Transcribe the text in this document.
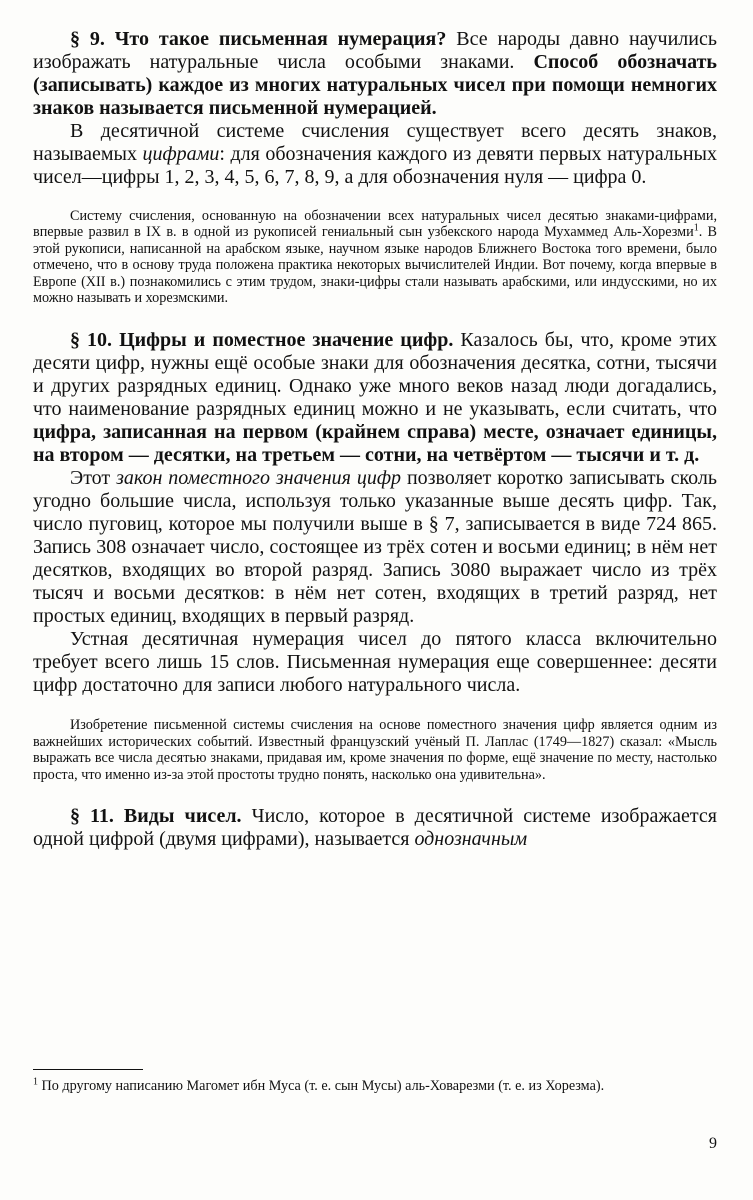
§ 9. Что такое письменная нумерация? Все народы давно научились изображать натуральные числа особыми знаками. Способ обозначать (записывать) каждое из многих натуральных чисел при помощи немногих знаков называется письменной нумерацией.

В десятичной системе счисления существует всего десять знаков, называемых цифрами: для обозначения каждого из девяти первых натуральных чисел—цифры 1, 2, 3, 4, 5, 6, 7, 8, 9, а для обозначения нуля — цифра 0.

Систему счисления, основанную на обозначении всех натуральных чисел десятью знаками-цифрами, впервые развил в IX в. в одной из рукописей гениальный сын узбекского народа Мухаммед Аль-Хорезми$^1$. В этой рукописи, написанной на арабском языке, научном языке народов Ближнего Востока того времени, было отмечено, что в основу труда положена практика некоторых вычислителей Индии. Вот почему, когда впервые в Европе (XII в.) познакомились с этим трудом, знаки-цифры стали называть арабскими, или индусскими, но их можно называть и хорезмскими.

§ 10. Цифры и поместное значение цифр. Казалось бы, что, кроме этих десяти цифр, нужны ещё особые знаки для обозначения десятка, сотни, тысячи и других разрядных единиц. Однако уже много веков назад люди догадались, что наименование разрядных единиц можно и не указывать, если считать, что цифра, записанная на первом (крайнем справа) месте, означает единицы, на втором — десятки, на третьем — сотни, на четвёртом — тысячи и т. д.

Этот закон поместного значения цифр позволяет коротко записывать сколь угодно большие числа, используя только указанные выше десять цифр. Так, число пуговиц, которое мы получили выше в § 7, записывается в виде 724 865. Запись 308 означает число, состоящее из трёх сотен и восьми единиц; в нём нет десятков, входящих во второй разряд. Запись 3080 выражает число из трёх тысяч и восьми десятков: в нём нет сотен, входящих в третий разряд, нет простых единиц, входящих в первый разряд.

Устная десятичная нумерация чисел до пятого класса включительно требует всего лишь 15 слов. Письменная нумерация еще совершеннее: десяти цифр достаточно для записи любого натурального числа.

Изобретение письменной системы счисления на основе поместного значения цифр является одним из важнейших исторических событий. Известный французский учёный П. Лаплас (1749—1827) сказал: «Мысль выражать все числа десятью знаками, придавая им, кроме значения по форме, ещё значение по месту, настолько проста, что именно из-за этой простоты трудно понять, насколько она удивительна».

§ 11. Виды чисел. Число, которое в десятичной системе изображается одной цифрой (двумя цифрами), называется однозначным

$^1$ По другому написанию Магомет ибн Муса (т. е. сын Мусы) аль-Ховарезми (т. е. из Хорезма).

9
